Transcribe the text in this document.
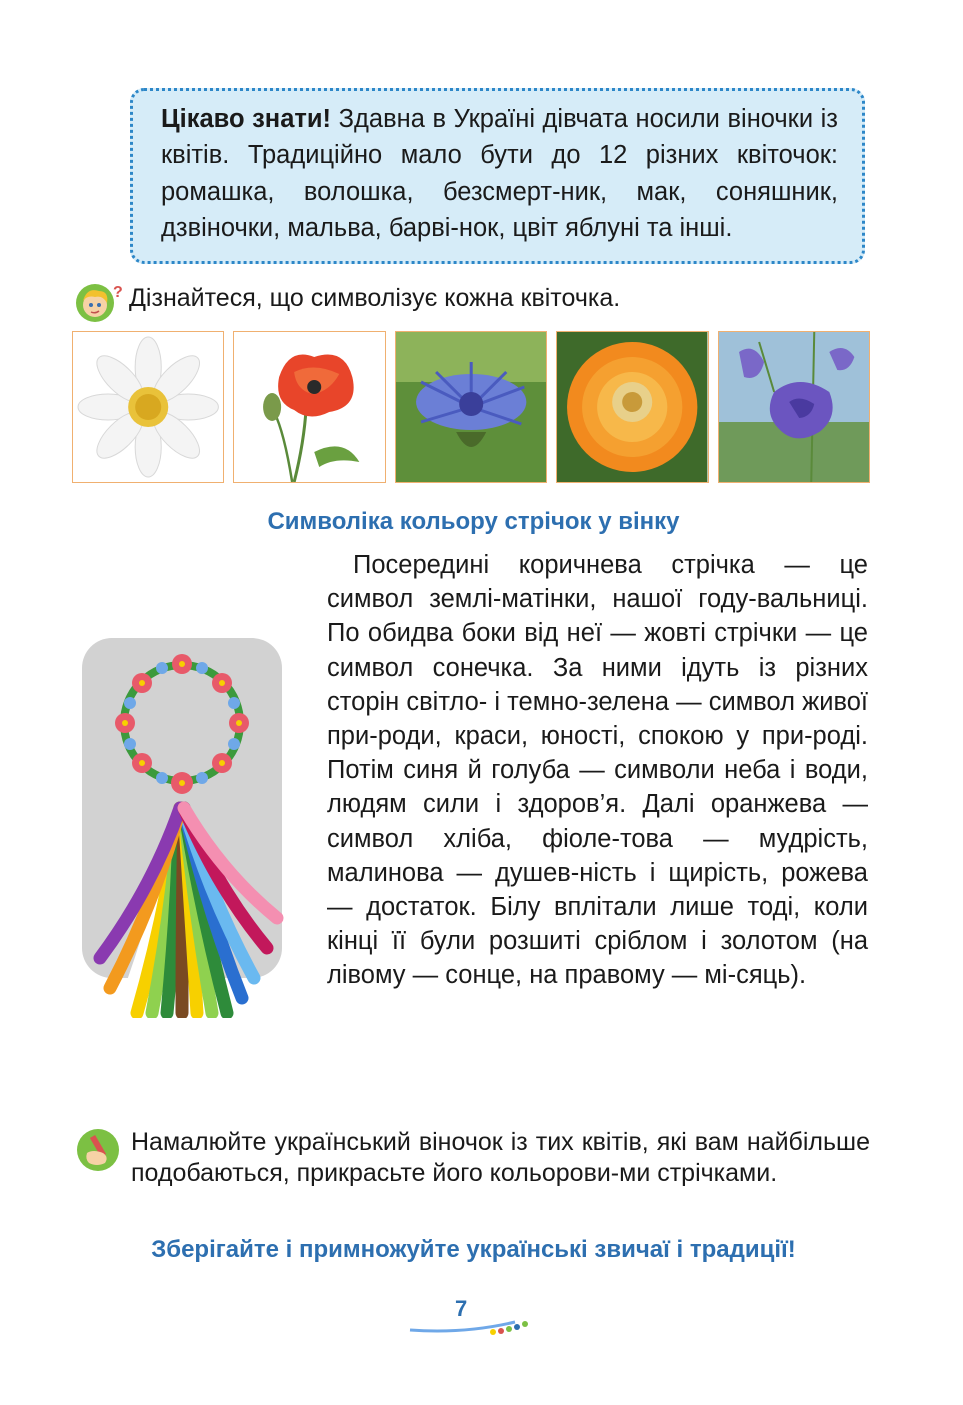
Цікаво знати! Здавна в Україні дівчата носили віночки із квітів. Традиційно мало бути до 12 різних квіточок: ромашка, волошка, безсмерт-ник, мак, соняшник, дзвіночки, мальва, барві-нок, цвіт яблуні та інші.

? Дізнайтеся, що символізує кожна квіточка.
Символіка кольору стрічок у вінку

Посередині коричнева стрічка — це символ землі-матінки, нашої году-вальниці. По обидва боки від неї — жовті стрічки — це символ сонечка. За ними ідуть із різних сторін світло- і темно-зелена — символ живої при-роди, краси, юності, спокою у при-роді. Потім синя й голуба — символи неба і води, людям сили і здоров’я. Далі оранжева — символ хліба, фіоле-това — мудрість, малинова — душев-ність і щирість, рожева — достаток. Білу вплітали лише тоді, коли кінці її були розшиті сріблом і золотом (на лівому — сонце, на правому — мі-сяць).

Намалюйте український віночок із тих квітів, які вам найбільше подобаються, прикрасьте його кольорови-ми стрічками.
Зберігайте і примножуйте українські звичаї і традиції!
7
